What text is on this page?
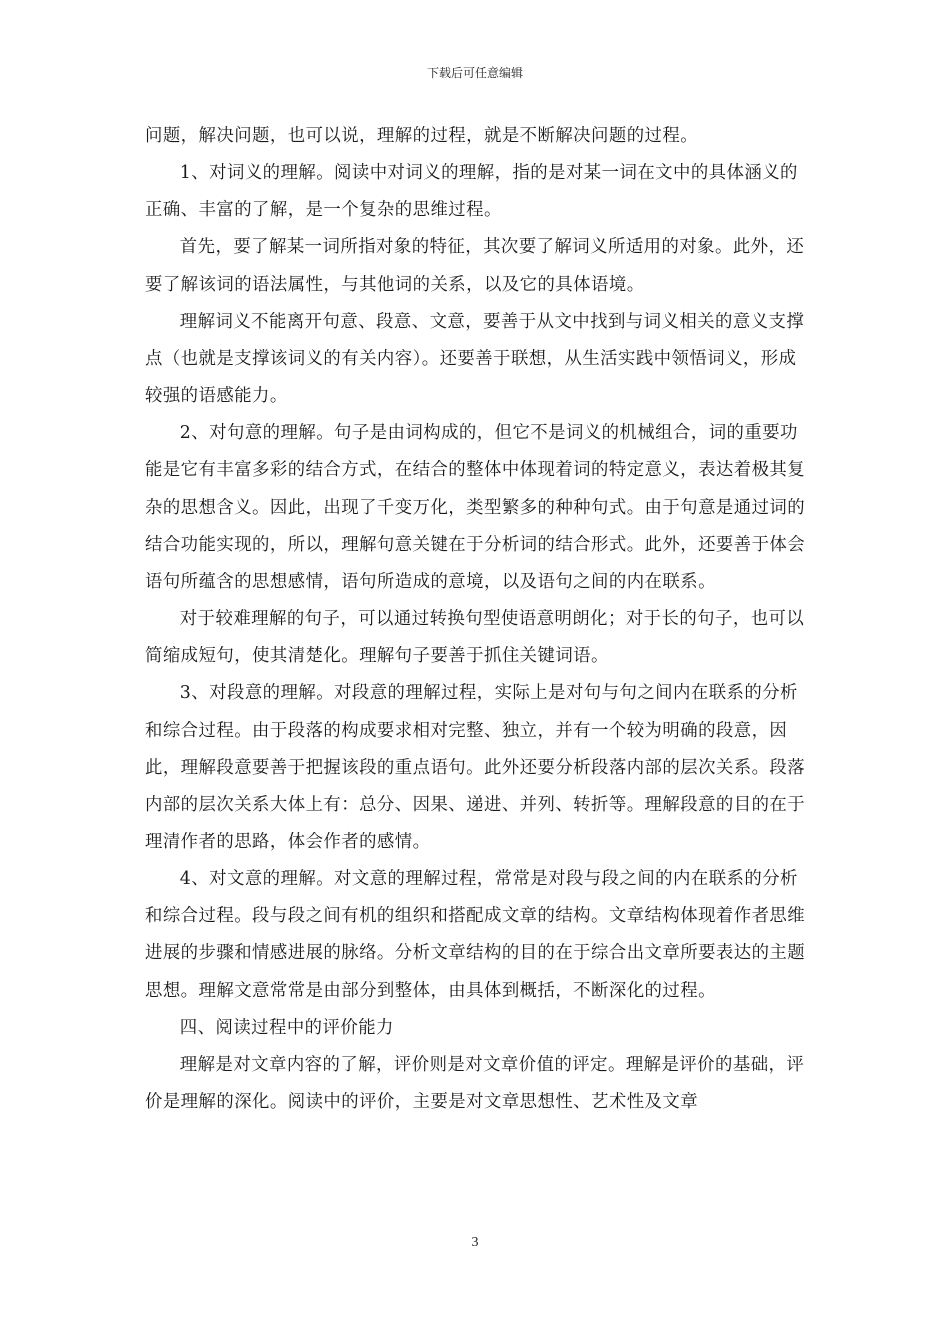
下载后可任意编辑

问题，解决问题，也可以说，理解的过程，就是不断解决问题的过程。

1、对词义的理解。阅读中对词义的理解，指的是对某一词在文中的具体涵义的正确、丰富的了解，是一个复杂的思维过程。

首先，要了解某一词所指对象的特征，其次要了解词义所适用的对象。此外，还要了解该词的语法属性，与其他词的关系，以及它的具体语境。

理解词义不能离开句意、段意、文意，要善于从文中找到与词义相关的意义支撑点（也就是支撑该词义的有关内容）。还要善于联想，从生活实践中领悟词义，形成较强的语感能力。

2、对句意的理解。句子是由词构成的，但它不是词义的机械组合，词的重要功能是它有丰富多彩的结合方式，在结合的整体中体现着词的特定意义，表达着极其复杂的思想含义。因此，出现了千变万化，类型繁多的种种句式。由于句意是通过词的结合功能实现的，所以，理解句意关键在于分析词的结合形式。此外，还要善于体会语句所蕴含的思想感情，语句所造成的意境，以及语句之间的内在联系。

对于较难理解的句子，可以通过转换句型使语意明朗化；对于长的句子，也可以简缩成短句，使其清楚化。理解句子要善于抓住关键词语。

3、对段意的理解。对段意的理解过程，实际上是对句与句之间内在联系的分析和综合过程。由于段落的构成要求相对完整、独立，并有一个较为明确的段意，因此，理解段意要善于把握该段的重点语句。此外还要分析段落内部的层次关系。段落内部的层次关系大体上有：总分、因果、递进、并列、转折等。理解段意的目的在于理清作者的思路，体会作者的感情。

4、对文意的理解。对文意的理解过程，常常是对段与段之间的内在联系的分析和综合过程。段与段之间有机的组织和搭配成文章的结构。文章结构体现着作者思维进展的步骤和情感进展的脉络。分析文章结构的目的在于综合出文章所要表达的主题思想。理解文意常常是由部分到整体，由具体到概括，不断深化的过程。

四、阅读过程中的评价能力

理解是对文章内容的了解，评价则是对文章价值的评定。理解是评价的基础，评价是理解的深化。阅读中的评价，主要是对文章思想性、艺术性及文章

3
